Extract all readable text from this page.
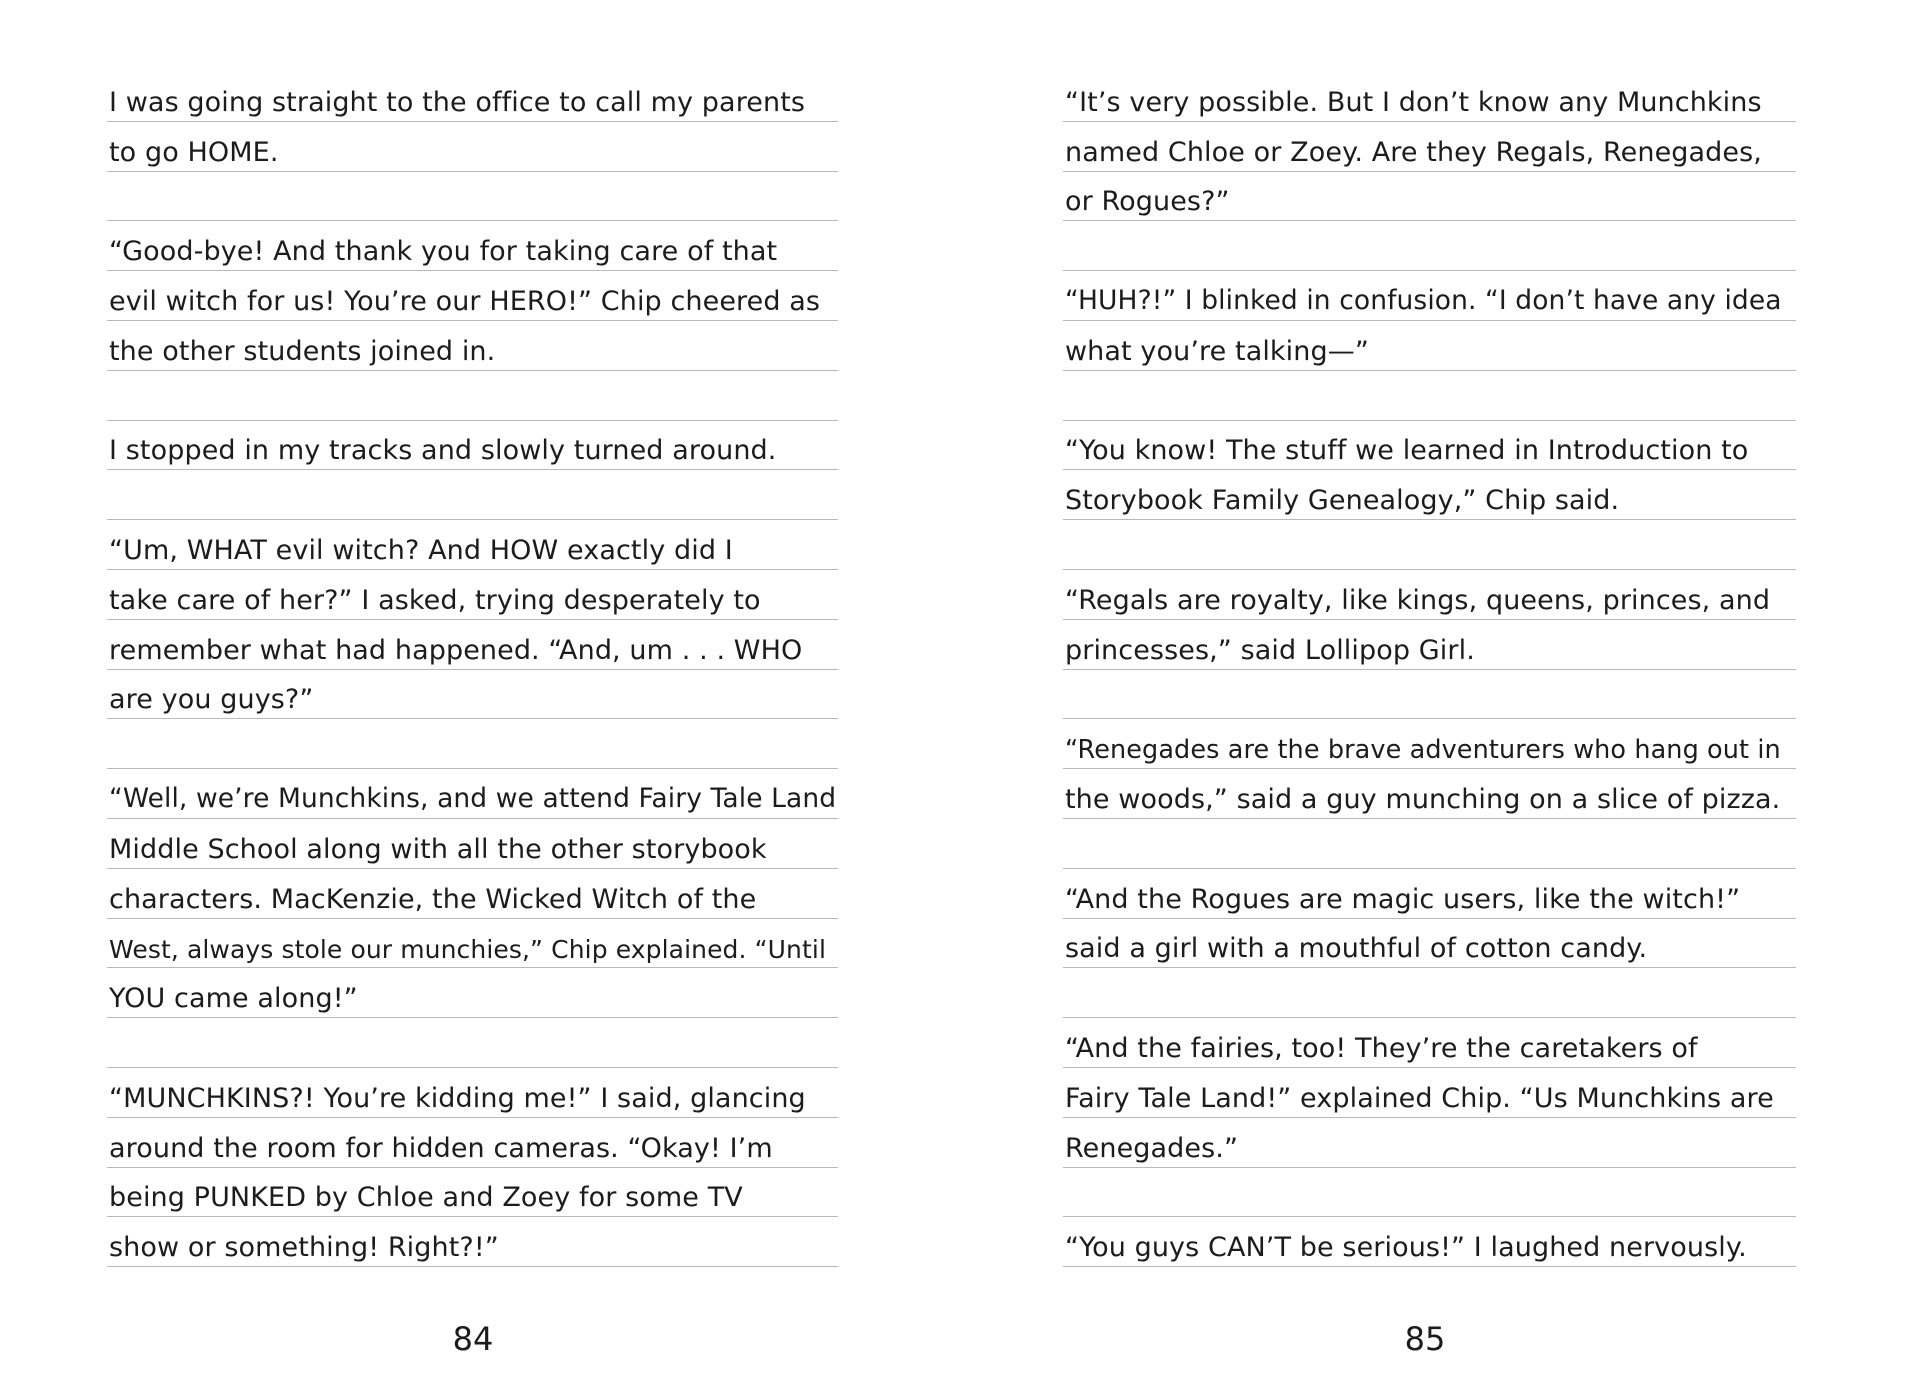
I was going straight to the office to call my parents
to go HOME.
“Good-bye! And thank you for taking care of that
evil witch for us! You’re our HERO!” Chip cheered as
the other students joined in.
I stopped in my tracks and slowly turned around.
“Um, WHAT evil witch? And HOW exactly did I
take care of her?” I asked, trying desperately to
remember what had happened. “And, um . . . WHO
are you guys?”
“Well, we’re Munchkins, and we attend Fairy Tale Land
Middle School along with all the other storybook
characters. MacKenzie, the Wicked Witch of the
West, always stole our munchies,” Chip explained. “Until
YOU came along!”
“MUNCHKINS?! You’re kidding me!” I said, glancing
around the room for hidden cameras. “Okay! I’m
being PUNKED by Chloe and Zoey for some TV
show or something! Right?!”
84
“It’s very possible. But I don’t know any Munchkins
named Chloe or Zoey. Are they Regals, Renegades,
or Rogues?”
“HUH?!” I blinked in confusion. “I don’t have any idea
what you’re talking—”
“You know! The stuff we learned in Introduction to
Storybook Family Genealogy,” Chip said.
“Regals are royalty, like kings, queens, princes, and
princesses,” said Lollipop Girl.
“Renegades are the brave adventurers who hang out in
the woods,” said a guy munching on a slice of pizza.
“And the Rogues are magic users, like the witch!”
said a girl with a mouthful of cotton candy.
“And the fairies, too! They’re the caretakers of
Fairy Tale Land!” explained Chip. “Us Munchkins are
Renegades.”
“You guys CAN’T be serious!” I laughed nervously.
85
